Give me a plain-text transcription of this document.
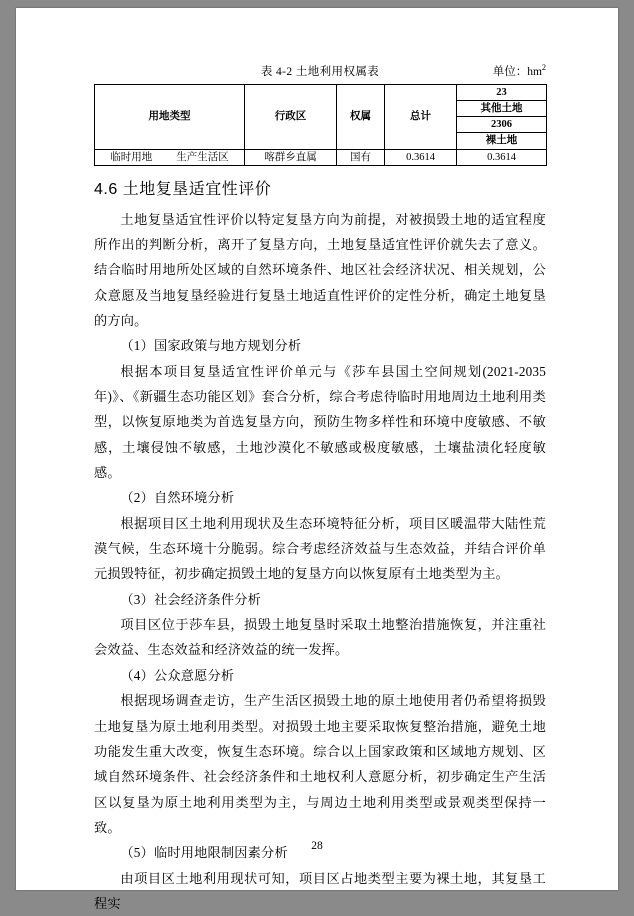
表 4-2 土地利用权属表	单位：$hm^2$
用地类型	行政区	权属	总计	23
				其他土地
				2306
				裸土地
临时用地 生产生活区	喀群乡直属	国有	0.3614	0.3614
4.6 土地复垦适宜性评价

土地复垦适宜性评价以特定复垦方向为前提，对被损毁土地的适宜程度所作出的判断分析，离开了复垦方向，土地复垦适宜性评价就失去了意义。结合临时用地所处区域的自然环境条件、地区社会经济状况、相关规划，公众意愿及当地复垦经验进行复垦土地适直性评价的定性分析，确定土地复垦的方向。

（1）国家政策与地方规划分析

根据本项目复垦适宜性评价单元与《莎车县国土空间规划(2021-2035 年)》、《新疆生态功能区划》套合分析，综合考虑待临时用地周边土地利用类型，以恢复原地类为首选复垦方向，预防生物多样性和环境中度敏感、不敏感，土壤侵蚀不敏感，土地沙漠化不敏感或极度敏感，土壤盐渍化轻度敏感。

（2）自然环境分析

根据项目区土地利用现状及生态环境特征分析，项目区暖温带大陆性荒漠气候，生态环境十分脆弱。综合考虑经济效益与生态效益，并结合评价单元损毁特征，初步确定损毁土地的复垦方向以恢复原有土地类型为主。

（3）社会经济条件分析

项目区位于莎车县，损毁土地复垦时采取土地整治措施恢复，并注重社会效益、生态效益和经济效益的统一发挥。

（4）公众意愿分析

根据现场调查走访，生产生活区损毁土地的原土地使用者仍希望将损毁土地复垦为原土地利用类型。对损毁土地主要采取恢复整治措施，避免土地功能发生重大改变，恢复生态环境。综合以上国家政策和区域地方规划、区域自然环境条件、社会经济条件和土地权利人意愿分析，初步确定生产生活区以复垦为原土地利用类型为主，与周边土地利用类型或景观类型保持一致。

（5）临时用地限制因素分析

由项目区土地利用现状可知，项目区占地类型主要为裸土地，其复垦工程实

28
